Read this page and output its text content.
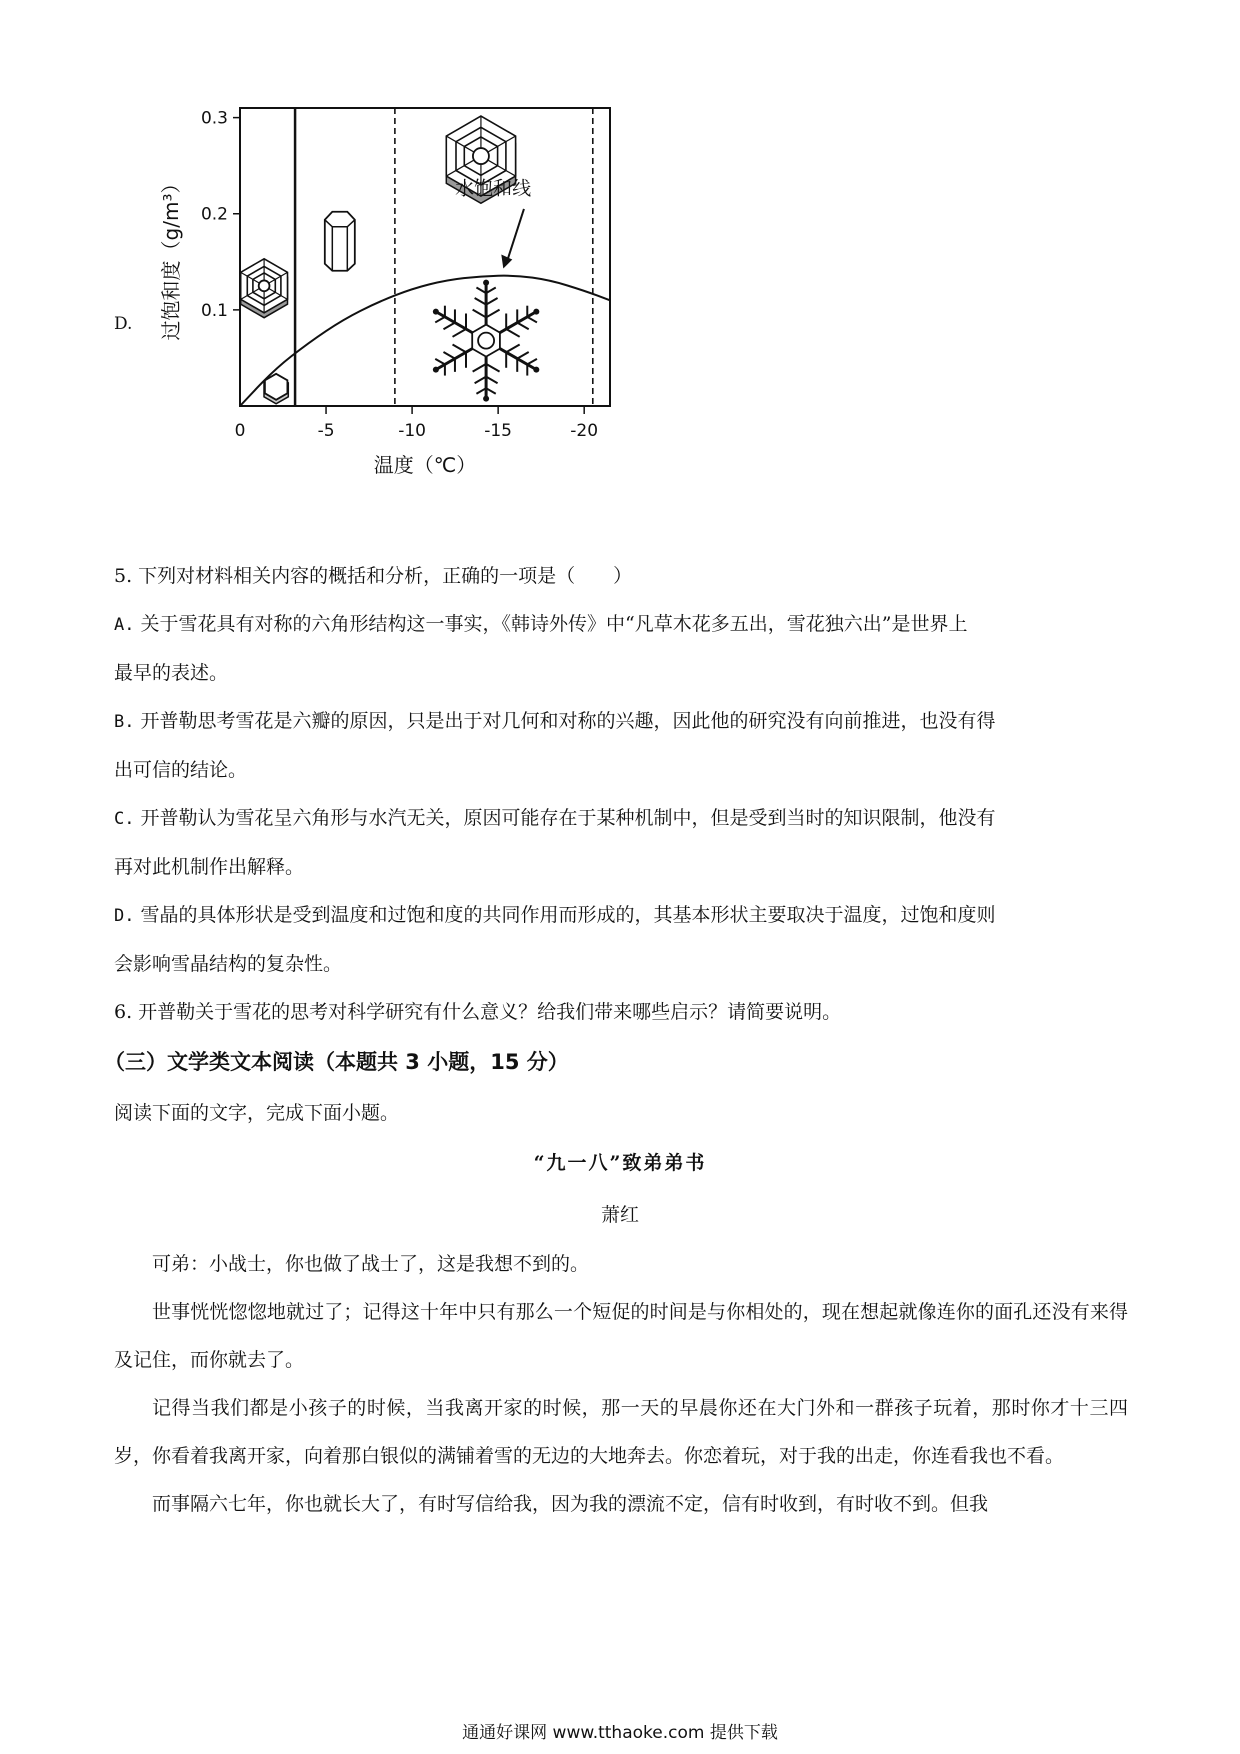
D.
0.1
0.2
0.3
0	-5	-10	-15	-20
水饱和线
温度（℃）
过饱和度（g/m³）

5. 下列对材料相关内容的概括和分析，正确的一项是（　　）

A. 关于雪花具有对称的六角形结构这一事实，《韩诗外传》中“凡草木花多五出，雪花独六出”是世界上

最早的表述。

B. 开普勒思考雪花是六瓣的原因，只是出于对几何和对称的兴趣，因此他的研究没有向前推进，也没有得

出可信的结论。

C. 开普勒认为雪花呈六角形与水汽无关，原因可能存在于某种机制中，但是受到当时的知识限制，他没有

再对此机制作出解释。

D. 雪晶的具体形状是受到温度和过饱和度的共同作用而形成的，其基本形状主要取决于温度，过饱和度则

会影响雪晶结构的复杂性。

6. 开普勒关于雪花的思考对科学研究有什么意义？给我们带来哪些启示？请简要说明。

（三）文学类文本阅读（本题共 3 小题，15 分）
阅读下面的文字，完成下面小题。
“九一八”致弟弟书
萧红

可弟：小战士，你也做了战士了，这是我想不到的。

世事恍恍惚惚地就过了；记得这十年中只有那么一个短促的时间是与你相处的，现在想起就像连你的面孔还没有来得及记住，而你就去了。

记得当我们都是小孩子的时候，当我离开家的时候，那一天的早晨你还在大门外和一群孩子玩着，那时你才十三四岁，你看着我离开家，向着那白银似的满铺着雪的无边的大地奔去。你恋着玩，对于我的出走，你连看我也不看。

而事隔六七年，你也就长大了，有时写信给我，因为我的漂流不定，信有时收到，有时收不到。但我

通通好课网 www.tthaoke.com 提供下载
